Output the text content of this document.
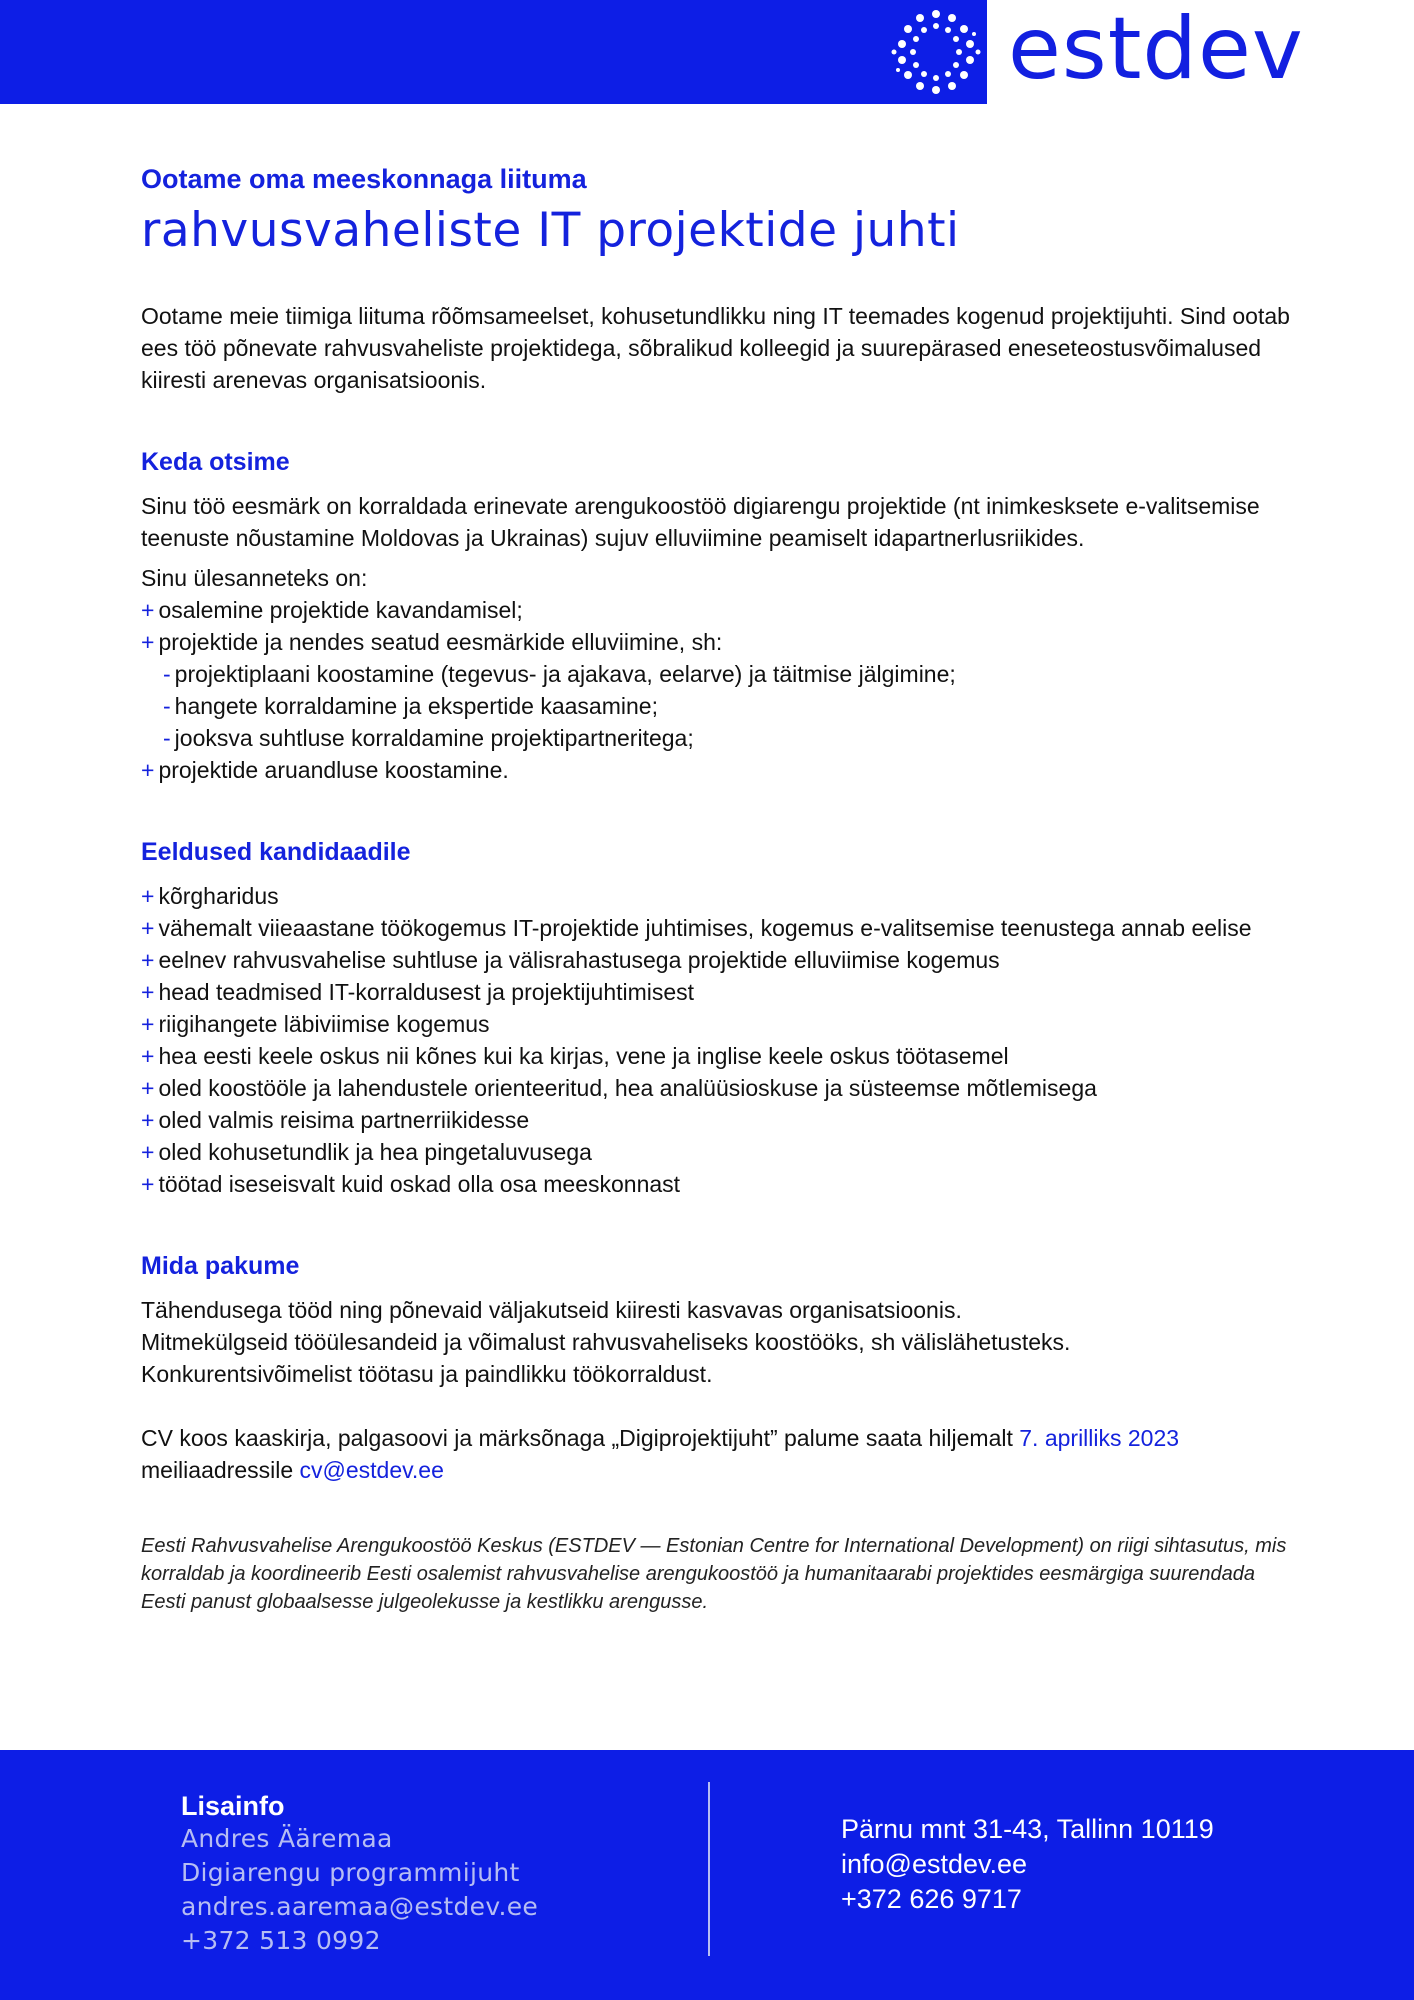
estdev
Ootame oma meeskonnaga liituma
rahvusvaheliste IT projektide juhti

Ootame meie tiimiga liituma rõõmsameelset, kohusetundlikku ning IT teemades kogenud projektijuhti. Sind ootab ees töö põnevate rahvusvaheliste projektidega, sõbralikud kolleegid ja suurepärased eneseteostusvõimalused kiiresti arenevas organisatsioonis.

Keda otsime

Sinu töö eesmärk on korraldada erinevate arengukoostöö digiarengu projektide (nt inimkesksete e-valitsemise teenuste nõustamine Moldovas ja Ukrainas) sujuv elluviimine peamiselt idapartnerlusriikides.

Sinu ülesanneteks on:

+ osalemine projektide kavandamisel;
+ projektide ja nendes seatud eesmärkide elluviimine, sh:
- projektiplaani koostamine (tegevus- ja ajakava, eelarve) ja täitmise jälgimine;
- hangete korraldamine ja ekspertide kaasamine;
- jooksva suhtluse korraldamine projektipartneritega;
+ projektide aruandluse koostamine.
Eeldused kandidaadile
+ kõrgharidus
+ vähemalt viieaastane töökogemus IT-projektide juhtimises, kogemus e-valitsemise teenustega annab eelise
+ eelnev rahvusvahelise suhtluse ja välisrahastusega projektide elluviimise kogemus
+ head teadmised IT-korraldusest ja projektijuhtimisest
+ riigihangete läbiviimise kogemus
+ hea eesti keele oskus nii kõnes kui ka kirjas, vene ja inglise keele oskus töötasemel
+ oled koostööle ja lahendustele orienteeritud, hea analüüsioskuse ja süsteemse mõtlemisega
+ oled valmis reisima partnerriikidesse
+ oled kohusetundlik ja hea pingetaluvusega
+ töötad iseseisvalt kuid oskad olla osa meeskonnast
Mida pakume

Tähendusega tööd ning põnevaid väljakutseid kiiresti kasvavas organisatsioonis.

Mitmekülgseid tööülesandeid ja võimalust rahvusvaheliseks koostööks, sh välislähetusteks.

Konkurentsivõimelist töötasu ja paindlikku töökorraldust.

CV koos kaaskirja, palgasoovi ja märksõnaga „Digiprojektijuht” palume saata hiljemalt 7. aprilliks 2023 meiliaadressile cv@estdev.ee

Eesti Rahvusvahelise Arengukoostöö Keskus (ESTDEV — Estonian Centre for International Development) on riigi sihtasutus, mis korraldab ja koordineerib Eesti osalemist rahvusvahelise arengukoostöö ja humanitaarabi projektides eesmärgiga suurendada Eesti panust globaalsesse julgeolekusse ja kestlikku arengusse.

Lisainfo
Andres Ääremaa
Digiarengu programmijuht
andres.aaremaa@estdev.ee
+372 513 0992
Pärnu mnt 31-43, Tallinn 10119
info@estdev.ee
+372 626 9717
